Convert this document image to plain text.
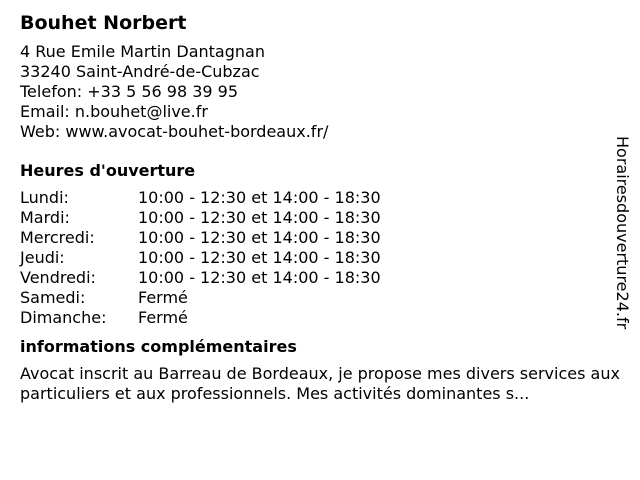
Bouhet Norbert
4 Rue Emile Martin Dantagnan
33240 Saint-André-de-Cubzac
Telefon: +33 5 56 98 39 95
Email: n.bouhet@live.fr
Web: www.avocat-bouhet-bordeaux.fr/
Heures d'ouverture
Lundi:	10:00 - 12:30 et 14:00 - 18:30
Mardi:	10:00 - 12:30 et 14:00 - 18:30
Mercredi:	10:00 - 12:30 et 14:00 - 18:30
Jeudi:	10:00 - 12:30 et 14:00 - 18:30
Vendredi:	10:00 - 12:30 et 14:00 - 18:30
Samedi:	Fermé
Dimanche:	Fermé
informations complémentaires
Avocat inscrit au Barreau de Bordeaux, je propose mes divers services aux particuliers et aux professionnels. Mes activités dominantes s...
Horairesdouverture24.fr
